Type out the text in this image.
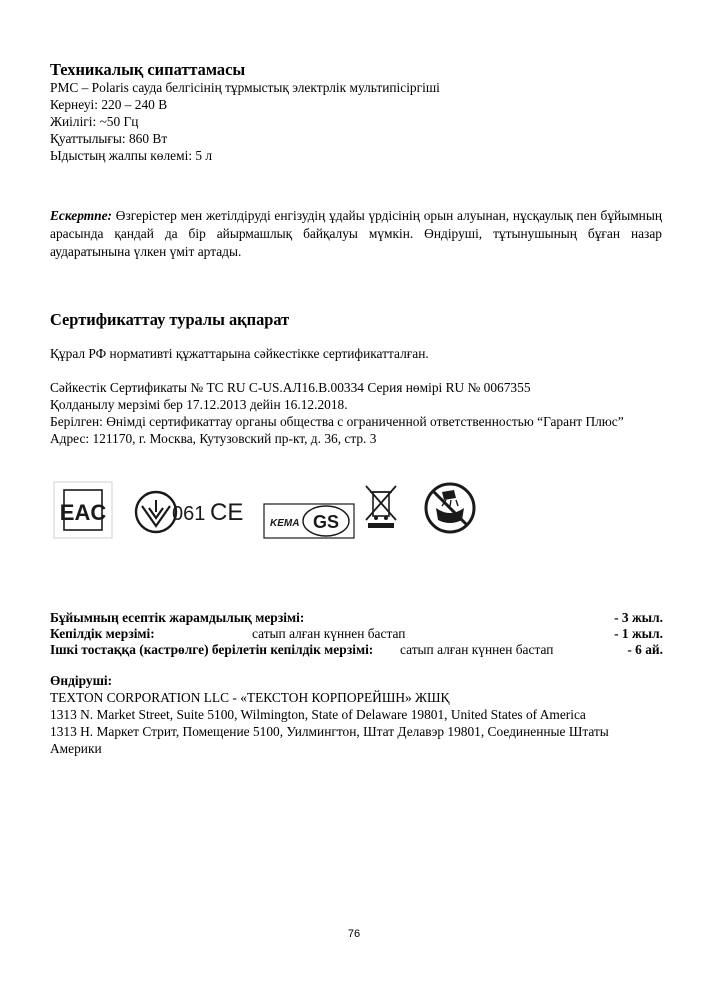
Техникалық сипаттамасы
PMC – Polaris сауда белгісінің тұрмыстық электрлік мультипісіргіші
Кернеуі: 220 – 240 В
Жиілігі: ~50 Гц
Қуаттылығы: 860 Вт
Ыдыстың жалпы көлемі: 5 л
Ескертпе: Өзгерістер мен жетілдіруді енгізудің ұдайы үрдісінің орын алуынан, нұсқаулық пен бұйымның арасында қандай да бір айырмашлық байқалуы мүмкін. Өндіруші, тұтынушының бұған назар аударатынына үлкен үміт артады.
Сертификаттау туралы ақпарат
Құрал РФ нормативті құжаттарына сәйкестікке сертификатталған.
Сәйкестік Сертификаты № ТС RU C-US.АЛ16.В.00334 Серия нөмірі RU № 0067355
Қолданылу мерзімі бер 17.12.2013 дейін 16.12.2018.
Берілген: Өнімді сертификаттау органы общества с ограниченной ответственностью “Гарант Плюс”
Адрес: 121170, г. Москва, Кутузовский пр-кт, д. 36, стр. 3
EAC	061 CE	KEMA GS
Бұйымның есептік жарамдылық мерзімі:	- 3 жыл.
Кепілдік мерзімі:	сатып алған күннен бастап	- 1 жыл.
Ішкі тостаққа (кастрөлге) берілетін кепілдік мерзімі: сатып алған күннен бастап	- 6 ай.
Өндіруші:
TEXTON CORPORATION LLC - «ТЕКСТОН КОРПОРЕЙШН» ЖШҚ
1313 N. Market Street, Suite 5100, Wilmington, State of Delaware 19801, United States of America
1313 Н. Маркет Стрит, Помещение 5100, Уилмингтон, Штат Делавэр 19801, Соединенные Штаты
Америки
76
